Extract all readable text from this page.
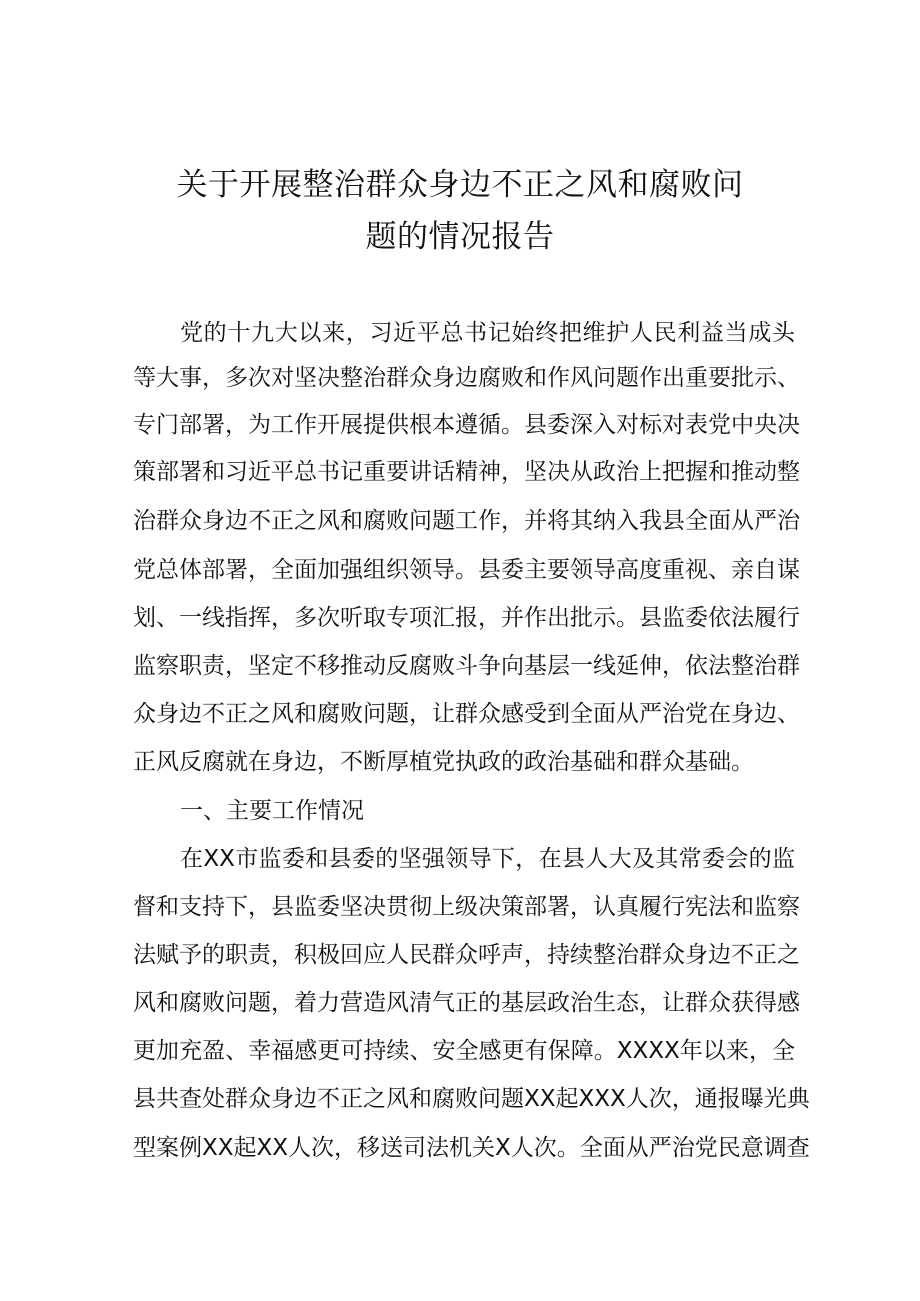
关于开展整治群众身边不正之风和腐败问
题的情况报告

党的十九大以来，习近平总书记始终把维护人民利益当成头

等大事，多次对坚决整治群众身边腐败和作风问题作出重要批示、

专门部署，为工作开展提供根本遵循。县委深入对标对表党中央决

策部署和习近平总书记重要讲话精神，坚决从政治上把握和推动整

治群众身边不正之风和腐败问题工作，并将其纳入我县全面从严治

党总体部署，全面加强组织领导。县委主要领导高度重视、亲自谋

划、一线指挥，多次听取专项汇报，并作出批示。县监委依法履行

监察职责，坚定不移推动反腐败斗争向基层一线延伸，依法整治群

众身边不正之风和腐败问题，让群众感受到全面从严治党在身边、

正风反腐就在身边，不断厚植党执政的政治基础和群众基础。

一、主要工作情况

在XX市监委和县委的坚强领导下，在县人大及其常委会的监

督和支持下，县监委坚决贯彻上级决策部署，认真履行宪法和监察

法赋予的职责，积极回应人民群众呼声，持续整治群众身边不正之

风和腐败问题，着力营造风清气正的基层政治生态，让群众获得感

更加充盈、幸福感更可持续、安全感更有保障。XXXX年以来，全

县共查处群众身边不正之风和腐败问题XX起XXX人次，通报曝光典

型案例XX起XX人次，移送司法机关X人次。全面从严治党民意调查
